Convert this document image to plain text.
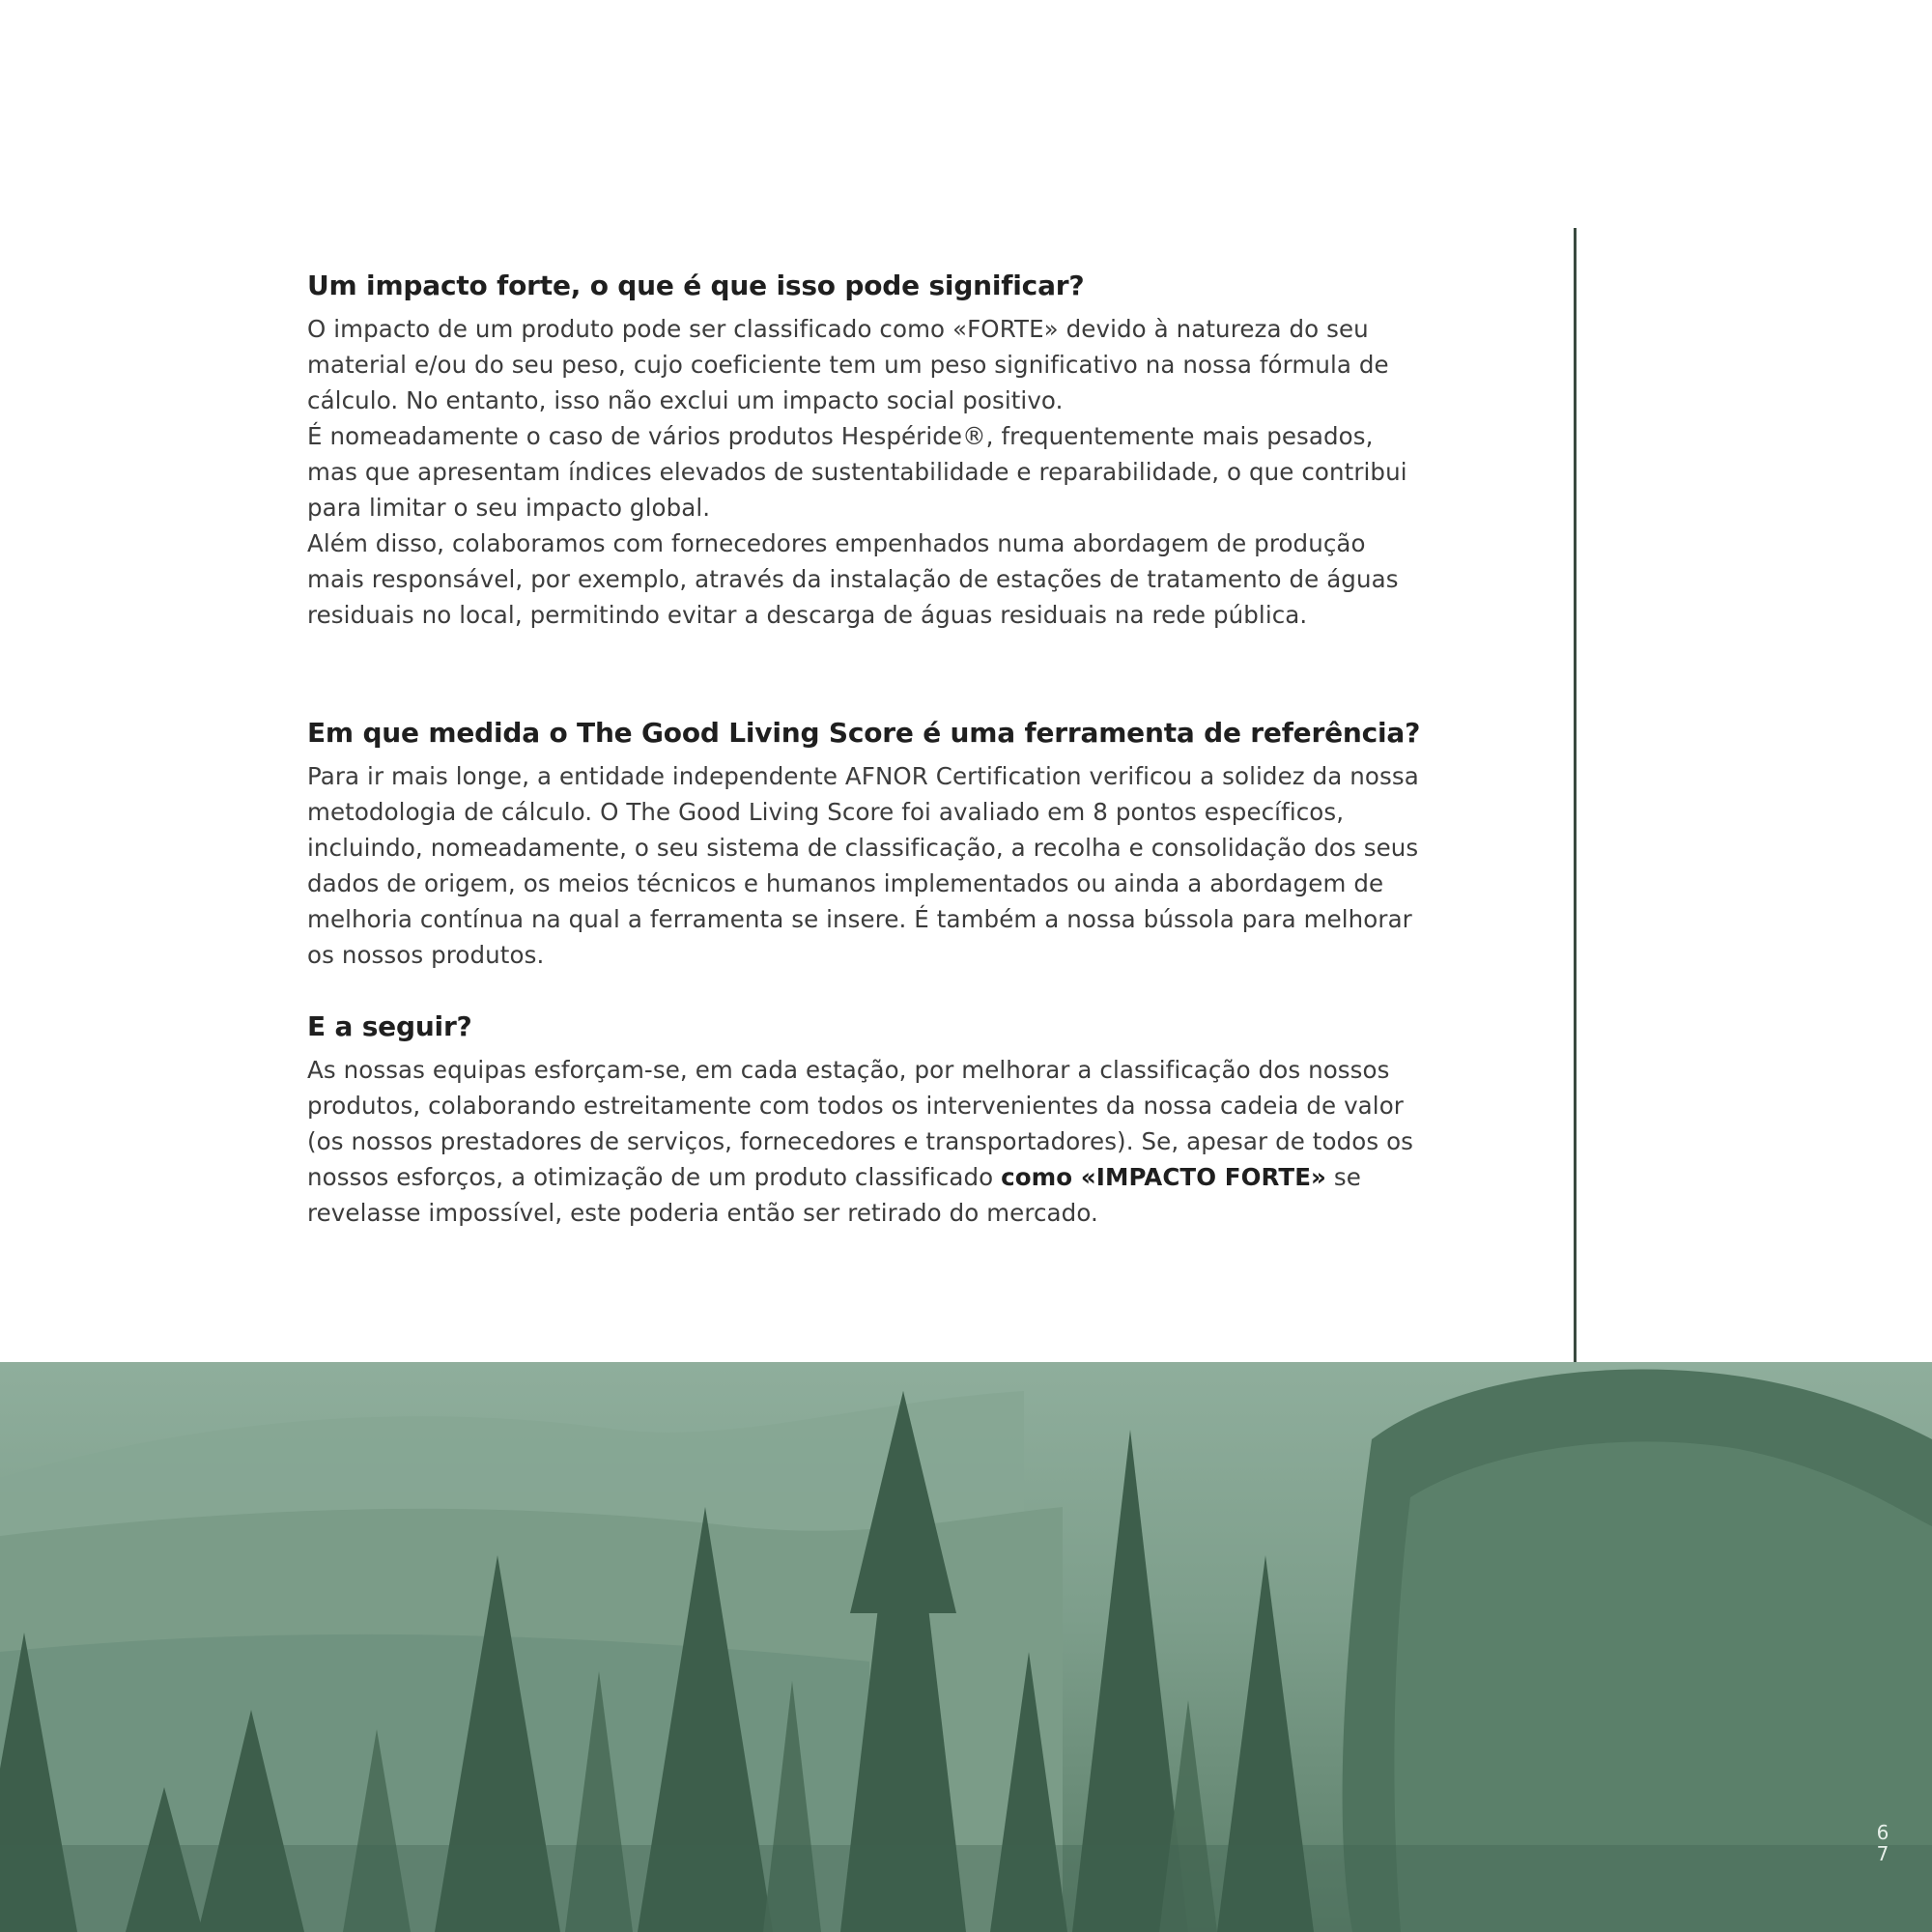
Um impacto forte, o que é que isso pode significar?

O impacto de um produto pode ser classificado como «FORTE» devido à natureza do seu material e/ou do seu peso, cujo coeficiente tem um peso significativo na nossa fórmula de cálculo. No entanto, isso não exclui um impacto social positivo.

É nomeadamente o caso de vários produtos Hespéride®, frequentemente mais pesados, mas que apresentam índices elevados de sustentabilidade e reparabilidade, o que contribui para limitar o seu impacto global.

Além disso, colaboramos com fornecedores empenhados numa abordagem de produção mais responsável, por exemplo, através da instalação de estações de tratamento de águas residuais no local, permitindo evitar a descarga de águas residuais na rede pública.

Em que medida o The Good Living Score é uma ferramenta de referência?

Para ir mais longe, a entidade independente AFNOR Certification verificou a solidez da nossa metodologia de cálculo. O The Good Living Score foi avaliado em 8 pontos específicos, incluindo, nomeadamente, o seu sistema de classificação, a recolha e consolidação dos seus dados de origem, os meios técnicos e humanos implementados ou ainda a abordagem de melhoria contínua na qual a ferramenta se insere. É também a nossa bússola para melhorar os nossos produtos.

E a seguir?

As nossas equipas esforçam-se, em cada estação, por melhorar a classificação dos nossos produtos, colaborando estreitamente com todos os intervenientes da nossa cadeia de valor (os nossos prestadores de serviços, fornecedores e transportadores). Se, apesar de todos os nossos esforços, a otimização de um produto classificado como «IMPACTO FORTE» se revelasse impossível, este poderia então ser retirado do mercado.

6
7
